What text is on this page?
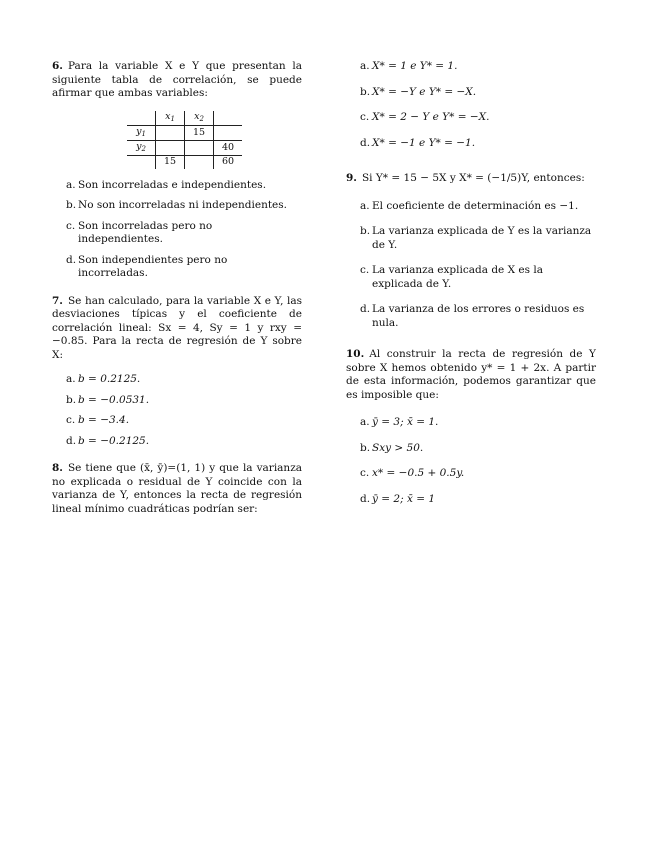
6. Para la variable X e Y que presentan la siguiente tabla de correlación, se puede afirmar que ambas variables:

	$x_1$	$x_2$	
$y_1$		15	
$y_2$			40
	15		60
a. Son incorreladas e independientes.
b. No son incorreladas ni independientes.
c. Son incorreladas pero no independientes.
d. Son independientes pero no incorreladas.

7. Se han calculado, para la variable X e Y, las desviaciones típicas y el coeficiente de correlación lineal: Sx = 4, Sy = 1 y rxy = −0.85. Para la recta de regresión de Y sobre X:

a. b = 0.2125.
b. b = −0.0531.
c. b = −3.4.
d. b = −0.2125.

8. Se tiene que (x̄, ȳ)=(1, 1) y que la varianza no explicada o residual de Y coincide con la varianza de Y, entonces la recta de regresión lineal mínimo cuadráticas podrían ser:

a. X* = 1 e Y* = 1.
b. X* = −Y e Y* = −X.
c. X* = 2 − Y e Y* = −X.
d. X* = −1 e Y* = −1.

9. Si Y* = 15 − 5X y X* = (−1/5)Y, entonces:

a. El coeficiente de determinación es −1.
b. La varianza explicada de Y es la varianza de Y.
c. La varianza explicada de X es la explicada de Y.
d. La varianza de los errores o residuos es nula.

10. Al construir la recta de regresión de Y sobre X hemos obtenido y* = 1 + 2x. A partir de esta información, podemos garantizar que es imposible que:

a. ȳ = 3; x̄ = 1.
b. Sxy > 50.
c. x* = −0.5 + 0.5y.
d. ȳ = 2; x̄ = 1
